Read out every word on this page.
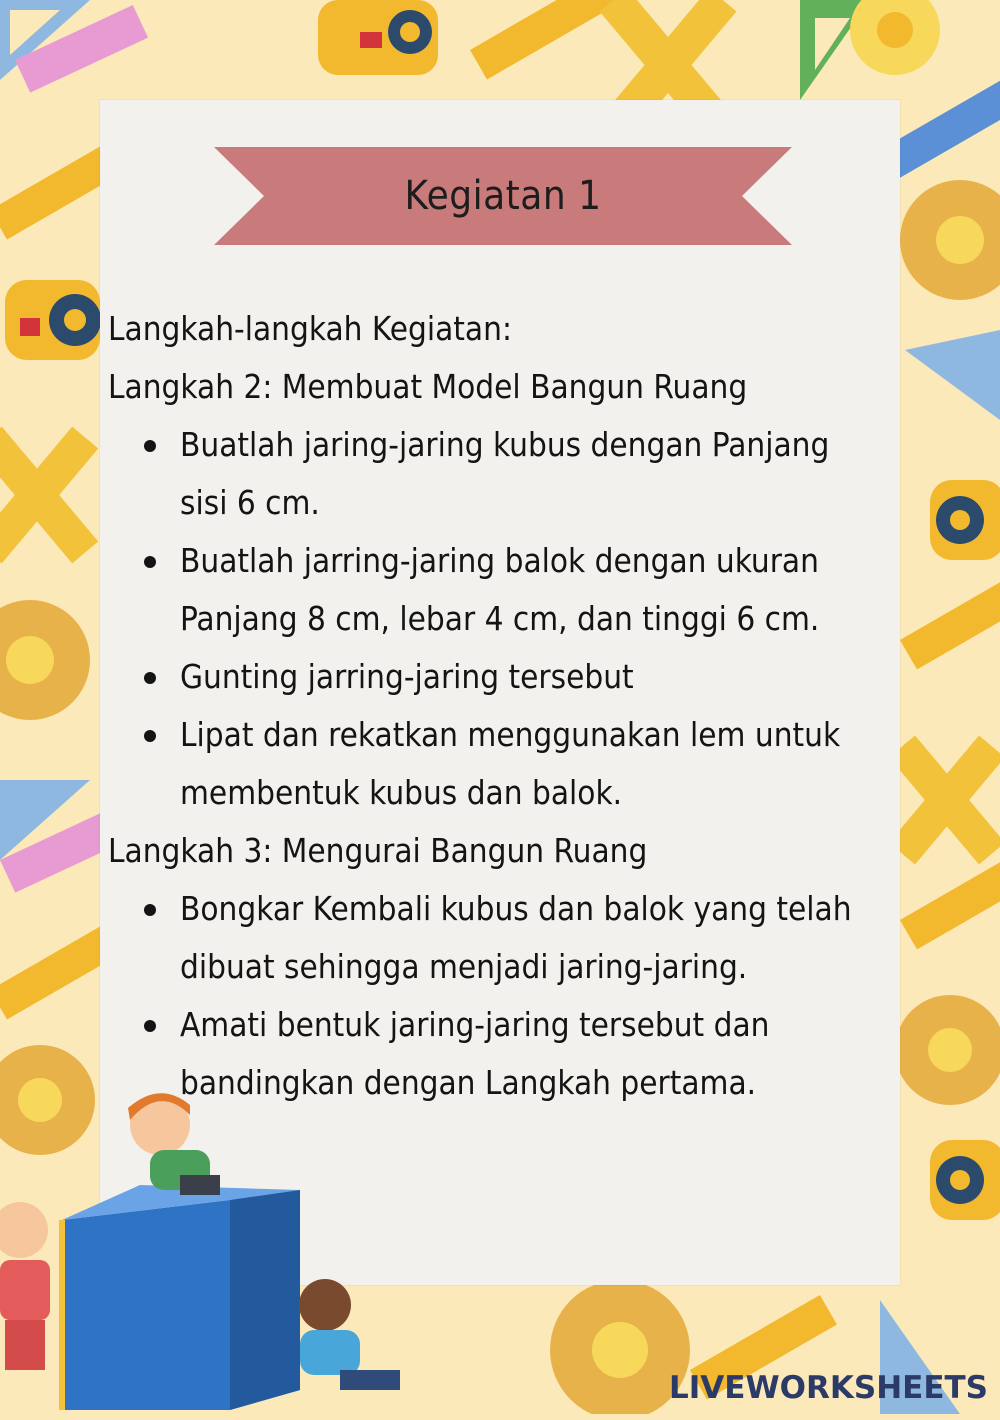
Kegiatan 1

Langkah-langkah Kegiatan:

Langkah 2: Membuat Model Bangun Ruang

Buatlah jaring-jaring kubus dengan Panjang
sisi 6 cm.
Buatlah jarring-jaring balok dengan ukuran
Panjang 8 cm, lebar 4 cm, dan tinggi 6 cm.
Gunting jarring-jaring tersebut
Lipat dan rekatkan menggunakan lem untuk
membentuk kubus dan balok.

Langkah 3: Mengurai Bangun Ruang

Bongkar Kembali kubus dan balok yang telah
dibuat sehingga menjadi jaring-jaring.
Amati bentuk jaring-jaring tersebut dan
bandingkan dengan Langkah pertama.
LIVEWORKSHEETS
